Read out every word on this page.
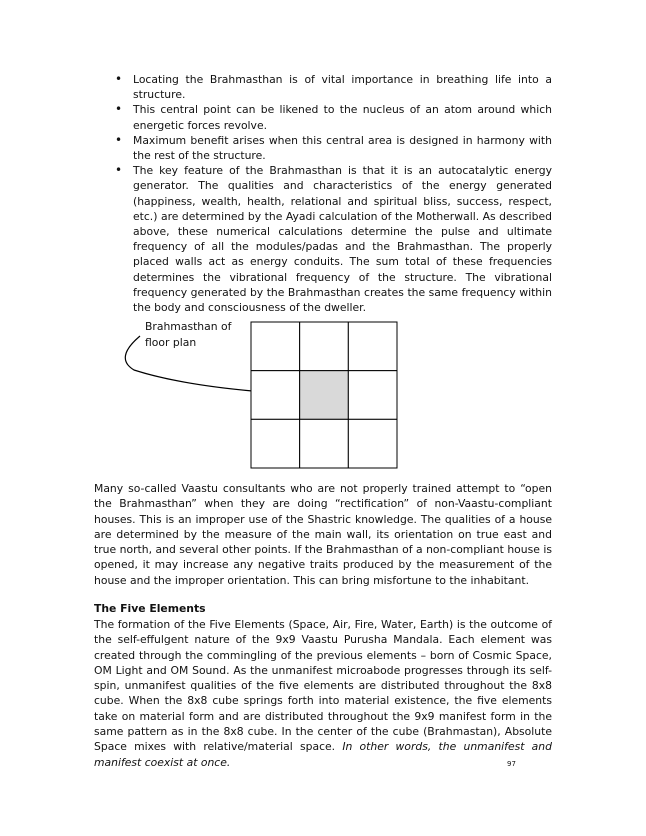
• Locating the Brahmasthan is of vital importance in breathing life into a structure.
• This central point can be likened to the nucleus of an atom around which energetic forces revolve.
• Maximum benefit arises when this central area is designed in harmony with the rest of the structure.
• The key feature of the Brahmasthan is that it is an autocatalytic energy generator. The qualities and characteristics of the energy generated (happiness, wealth, health, relational and spiritual bliss, success, respect, etc.) are determined by the Ayadi calculation of the Motherwall. As described above, these numerical calculations determine the pulse and ultimate frequency of all the modules/padas and the Brahmasthan. The properly placed walls act as energy conduits. The sum total of these frequencies determines the vibrational frequency of the structure. The vibrational frequency generated by the Brahmasthan creates the same frequency within the body and consciousness of the dweller.
Brahmasthan of floor plan

Many so-called Vaastu consultants who are not properly trained attempt to “open the Brahmasthan” when they are doing “rectification” of non-Vaastu-compliant houses. This is an improper use of the Shastric knowledge. The qualities of a house are determined by the measure of the main wall, its orientation on true east and true north, and several other points. If the Brahmasthan of a non-compliant house is opened, it may increase any negative traits produced by the measurement of the house and the improper orientation. This can bring misfortune to the inhabitant.

The Five Elements

The formation of the Five Elements (Space, Air, Fire, Water, Earth) is the outcome of the self-effulgent nature of the 9x9 Vaastu Purusha Mandala. Each element was created through the commingling of the previous elements – born of Cosmic Space, OM Light and OM Sound. As the unmanifest microabode progresses through its self-spin, unmanifest qualities of the five elements are distributed throughout the 8x8 cube. When the 8x8 cube springs forth into material existence, the five elements take on material form and are distributed throughout the 9x9 manifest form in the same pattern as in the 8x8 cube. In the center of the cube (Brahmastan), Absolute Space mixes with relative/material space. In other words, the unmanifest and manifest coexist at once.	97
